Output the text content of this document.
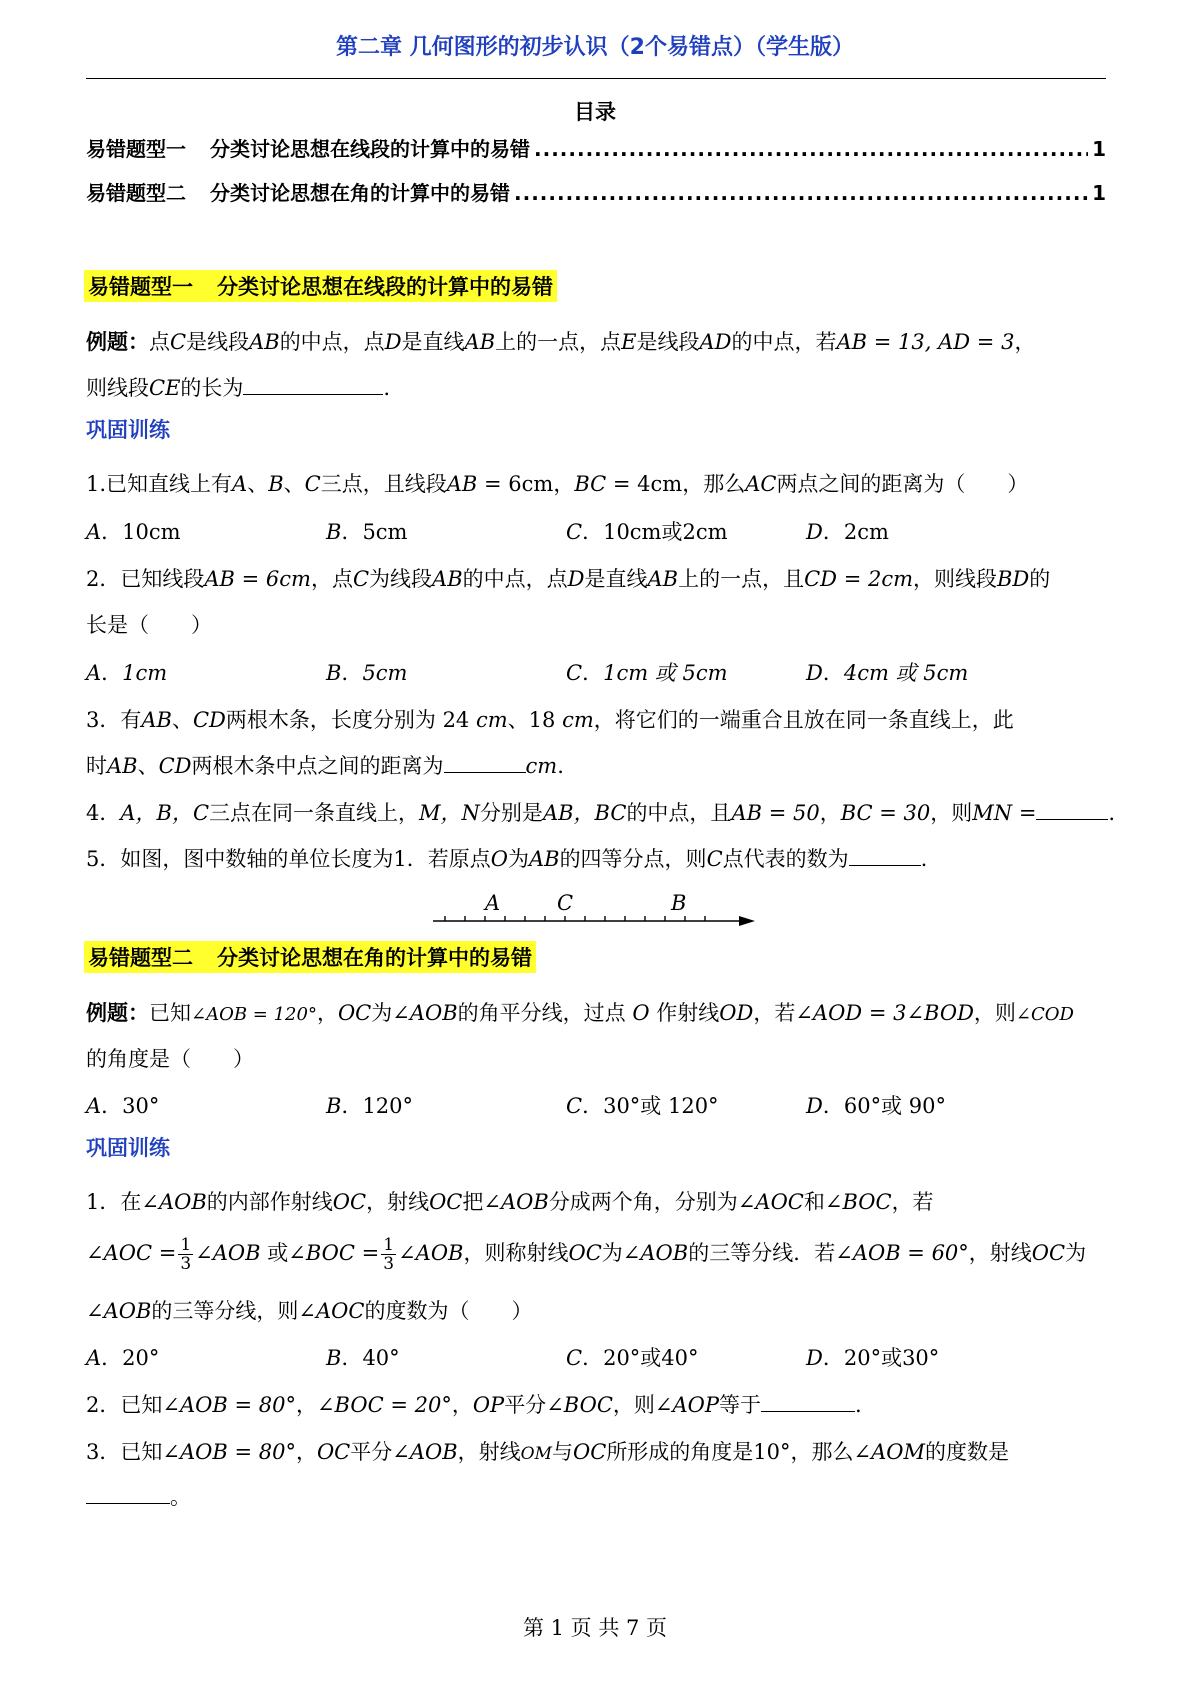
第二章 几何图形的初步认识（2个易错点）（学生版）
目录
易错题型一 分类讨论思想在线段的计算中的易错 .....	1
易错题型二 分类讨论思想在角的计算中的易错 .....	1
易错题型一 分类讨论思想在线段的计算中的易错
例题：点C是线段AB的中点，点D是直线AB上的一点，点E是线段AD的中点，若AB = 13, AD = 3，
则线段CE的长为	.
巩固训练
1.已知直线上有A、B、C三点，且线段AB = 6cm，BC = 4cm，那么AC两点之间的距离为（　　）
A．10cm	B．5cm	C．10cm或2cm	D．2cm
2．已知线段AB = 6cm，点C为线段AB的中点，点D是直线AB上的一点，且CD = 2cm，则线段BD的
长是（　　）
A．1cm	B．5cm	C．1cm 或 5cm	D．4cm 或 5cm
3．有AB、CD两根木条，长度分别为 24 cm、18 cm，将它们的一端重合且放在同一条直线上，此
时AB、CD两根木条中点之间的距离为	cm.
4．A，B，C三点在同一条直线上，M，N分别是AB，BC的中点，且AB = 50，BC = 30，则MN =	.
5．如图，图中数轴的单位长度为1．若原点O为AB的四等分点，则C点代表的数为	.
A	C	B
易错题型二 分类讨论思想在角的计算中的易错
例题：已知∠AOB = 120°，OC为∠AOB的角平分线，过点 O 作射线OD，若∠AOD = 3∠BOD，则∠COD
的角度是（　　）
A．30°	B．120°	C．30°或 120°	D．60°或 90°
巩固训练
1．在∠AOB的内部作射线OC，射线OC把∠AOB分成两个角，分别为∠AOC和∠BOC，若
∠AOC = $\frac{1}{3}$ ∠AOB 或∠BOC = $\frac{1}{3}$ ∠AOB，则称射线OC为∠AOB的三等分线．若∠AOB = 60°，射线OC为
∠AOB的三等分线，则∠AOC的度数为（　　）
A．20°	B．40°	C．20°或40°	D．20°或30°
2．已知∠AOB = 80°，∠BOC = 20°，OP平分∠BOC，则∠AOP等于	.
3．已知∠AOB = 80°，OC平分∠AOB，射线OM与OC所形成的角度是10°，那么∠AOM的度数是
。
第 1 页 共 7 页
